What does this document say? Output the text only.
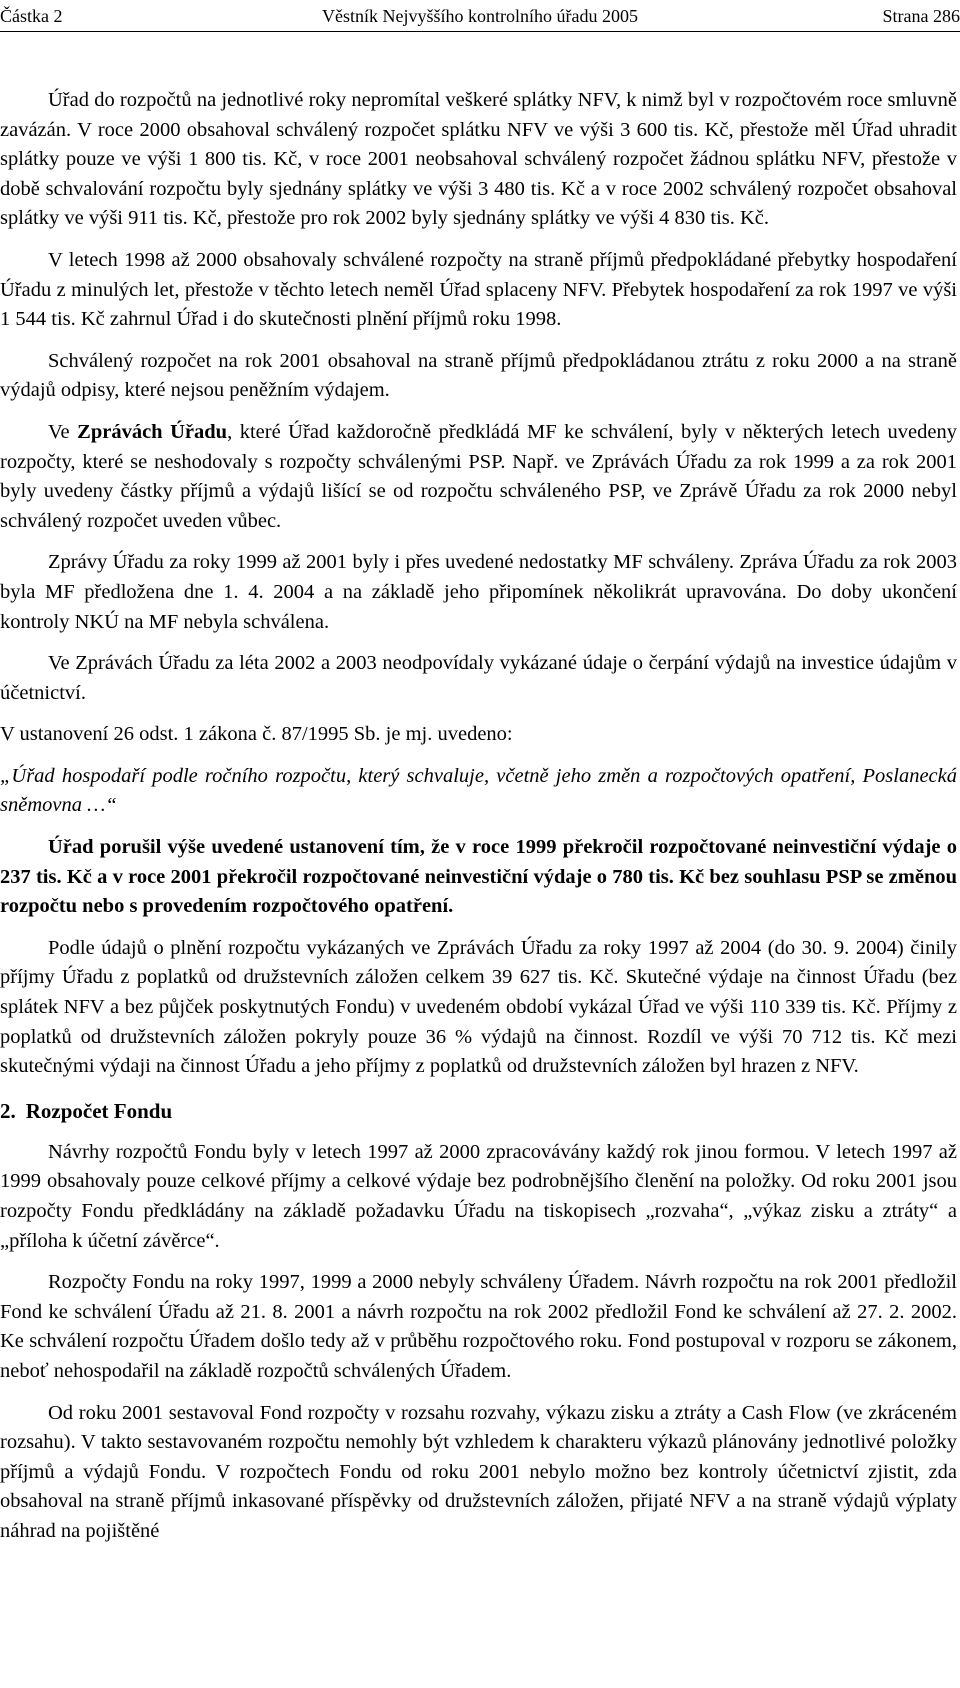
Částka 2	Věstník Nejvyššího kontrolního úřadu 2005	Strana 286

Úřad do rozpočtů na jednotlivé roky nepromítal veškeré splátky NFV, k nimž byl v rozpočtovém roce smluvně zavázán. V roce 2000 obsahoval schválený rozpočet splátku NFV ve výši 3 600 tis. Kč, přestože měl Úřad uhradit splátky pouze ve výši 1 800 tis. Kč, v roce 2001 neobsahoval schválený rozpočet žádnou splátku NFV, přestože v době schvalování rozpočtu byly sjednány splátky ve výši 3 480 tis. Kč a v roce 2002 schválený rozpočet obsahoval splátky ve výši 911 tis. Kč, přestože pro rok 2002 byly sjednány splátky ve výši 4 830 tis. Kč.

V letech 1998 až 2000 obsahovaly schválené rozpočty na straně příjmů předpokládané přebytky hospodaření Úřadu z minulých let, přestože v těchto letech neměl Úřad splaceny NFV. Přebytek hospodaření za rok 1997 ve výši 1 544 tis. Kč zahrnul Úřad i do skutečnosti plnění příjmů roku 1998.

Schválený rozpočet na rok 2001 obsahoval na straně příjmů předpokládanou ztrátu z roku 2000 a na straně výdajů odpisy, které nejsou peněžním výdajem.

Ve Zprávách Úřadu, které Úřad každoročně předkládá MF ke schválení, byly v některých letech uvedeny rozpočty, které se neshodovaly s rozpočty schválenými PSP. Např. ve Zprávách Úřadu za rok 1999 a za rok 2001 byly uvedeny částky příjmů a výdajů lišící se od rozpočtu schváleného PSP, ve Zprávě Úřadu za rok 2000 nebyl schválený rozpočet uveden vůbec.

Zprávy Úřadu za roky 1999 až 2001 byly i přes uvedené nedostatky MF schváleny. Zpráva Úřadu za rok 2003 byla MF předložena dne 1. 4. 2004 a na základě jeho připomínek několikrát upravována. Do doby ukončení kontroly NKÚ na MF nebyla schválena.

Ve Zprávách Úřadu za léta 2002 a 2003 neodpovídaly vykázané údaje o čerpání výdajů na investice údajům v účetnictví.

V ustanovení 26 odst. 1 zákona č. 87/1995 Sb. je mj. uvedeno:

„Úřad hospodaří podle ročního rozpočtu, který schvaluje, včetně jeho změn a rozpočtových opatření, Poslanecká sněmovna …“

Úřad porušil výše uvedené ustanovení tím, že v roce 1999 překročil rozpočtované neinvestiční výdaje o 237 tis. Kč a v roce 2001 překročil rozpočtované neinvestiční výdaje o 780 tis. Kč bez souhlasu PSP se změnou rozpočtu nebo s provedením rozpočtového opatření.

Podle údajů o plnění rozpočtu vykázaných ve Zprávách Úřadu za roky 1997 až 2004 (do 30. 9. 2004) činily příjmy Úřadu z poplatků od družstevních záložen celkem 39 627 tis. Kč. Skutečné výdaje na činnost Úřadu (bez splátek NFV a bez půjček poskytnutých Fondu) v uvedeném období vykázal Úřad ve výši 110 339 tis. Kč. Příjmy z poplatků od družstevních záložen pokryly pouze 36 % výdajů na činnost. Rozdíl ve výši 70 712 tis. Kč mezi skutečnými výdaji na činnost Úřadu a jeho příjmy z poplatků od družstevních záložen byl hrazen z NFV.

2. Rozpočet Fondu

Návrhy rozpočtů Fondu byly v letech 1997 až 2000 zpracovávány každý rok jinou formou. V letech 1997 až 1999 obsahovaly pouze celkové příjmy a celkové výdaje bez podrobnějšího členění na položky. Od roku 2001 jsou rozpočty Fondu předkládány na základě požadavku Úřadu na tiskopisech „rozvaha“, „výkaz zisku a ztráty“ a „příloha k účetní závěrce“.

Rozpočty Fondu na roky 1997, 1999 a 2000 nebyly schváleny Úřadem. Návrh rozpočtu na rok 2001 předložil Fond ke schválení Úřadu až 21. 8. 2001 a návrh rozpočtu na rok 2002 předložil Fond ke schválení až 27. 2. 2002. Ke schválení rozpočtu Úřadem došlo tedy až v průběhu rozpočtového roku. Fond postupoval v rozporu se zákonem, neboť nehospodařil na základě rozpočtů schválených Úřadem.

Od roku 2001 sestavoval Fond rozpočty v rozsahu rozvahy, výkazu zisku a ztráty a Cash Flow (ve zkráceném rozsahu). V takto sestavovaném rozpočtu nemohly být vzhledem k charakteru výkazů plánovány jednotlivé položky příjmů a výdajů Fondu. V rozpočtech Fondu od roku 2001 nebylo možno bez kontroly účetnictví zjistit, zda obsahoval na straně příjmů inkasované příspěvky od družstevních záložen, přijaté NFV a na straně výdajů výplaty náhrad na pojištěné
